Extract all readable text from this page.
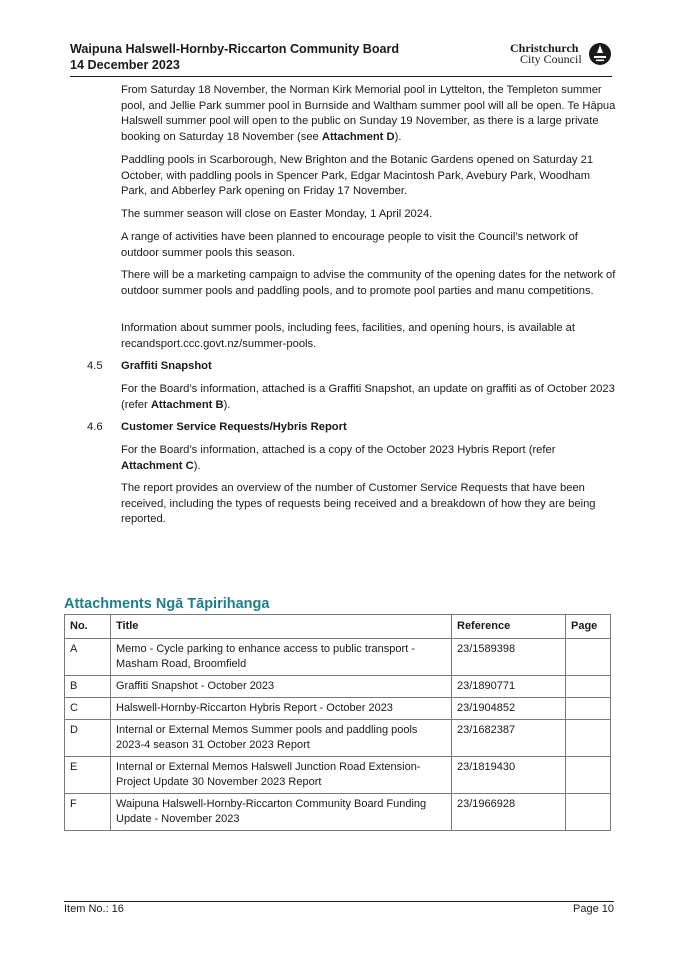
Waipuna Halswell-Hornby-Riccarton Community Board

14 December 2023

Christchurch
City Council

From Saturday 18 November, the Norman Kirk Memorial pool in Lyttelton, the Templeton summer pool, and Jellie Park summer pool in Burnside and Waltham summer pool will all be open. Te Hāpua Halswell summer pool will open to the public on Sunday 19 November, as there is a large private booking on Saturday 18 November (see Attachment D).

Paddling pools in Scarborough, New Brighton and the Botanic Gardens opened on Saturday 21 October, with paddling pools in Spencer Park, Edgar Macintosh Park, Avebury Park, Woodham Park, and Abberley Park opening on Friday 17 November.

The summer season will close on Easter Monday, 1 April 2024.

A range of activities have been planned to encourage people to visit the Council’s network of outdoor summer pools this season.

There will be a marketing campaign to advise the community of the opening dates for the network of outdoor summer pools and paddling pools, and to promote pool parties and manu competitions.

Information about summer pools, including fees, facilities, and opening hours, is available at recandsport.ccc.govt.nz/summer-pools.

4.5 Graffiti Snapshot

For the Board’s information, attached is a Graffiti Snapshot, an update on graffiti as of October 2023 (refer Attachment B).

4.6 Customer Service Requests/Hybris Report

For the Board’s information, attached is a copy of the October 2023 Hybris Report (refer Attachment C).

The report provides an overview of the number of Customer Service Requests that have been received, including the types of requests being received and a breakdown of how they are being reported.

Attachments Ngā Tāpirihanga
No.	Title	Reference	Page
A	Memo - Cycle parking to enhance access to public transport - Masham Road, Broomfield	23/1589398	
B	Graffiti Snapshot - October 2023	23/1890771	
C	Halswell-Hornby-Riccarton Hybris Report - October 2023	23/1904852	
D	Internal or External Memos Summer pools and paddling pools 2023-4 season 31 October 2023 Report	23/1682387	
E	Internal or External Memos Halswell Junction Road Extension- Project Update 30 November 2023 Report	23/1819430	
F	Waipuna Halswell-Hornby-Riccarton Community Board Funding Update - November 2023	23/1966928	
Item No.: 16	Page 10
